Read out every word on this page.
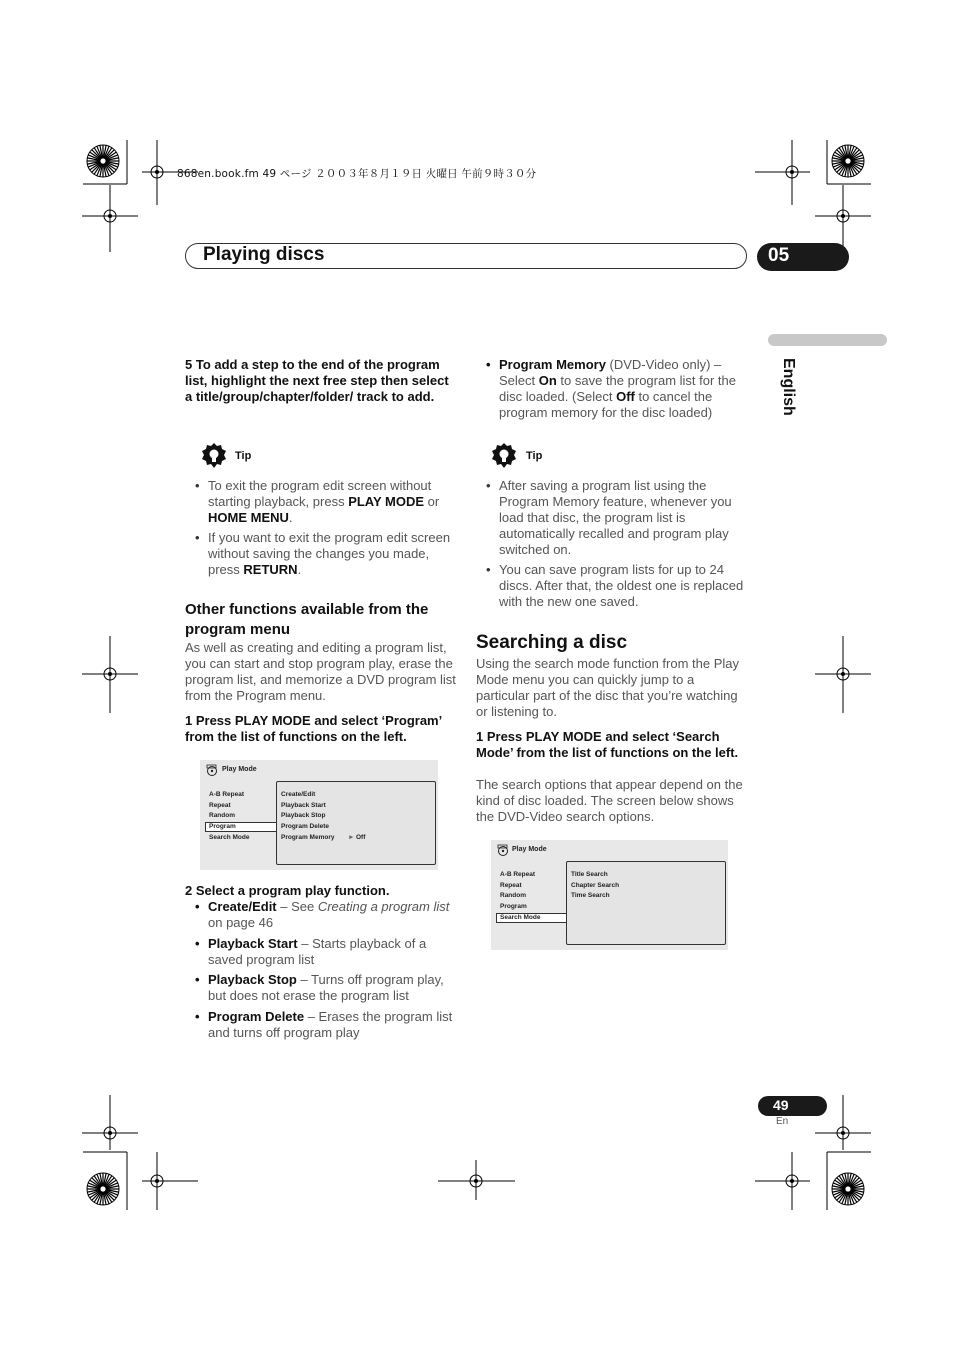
868en.book.fm 49 ページ ２００３年８月１９日 火曜日 午前９時３０分
Playing discs	05
English
5 To add a step to the end of the program list, highlight the next free step then select a title/group/chapter/folder/ track to add.
Tip
• To exit the program edit screen without starting playback, press PLAY MODE or HOME MENU.
• If you want to exit the program edit screen without saving the changes you made, press RETURN.
Other functions available from the program menu
As well as creating and editing a program list, you can start and stop program play, erase the program list, and memorize a DVD program list from the Program menu.
1 Press PLAY MODE and select ‘Program’ from the list of functions on the left.
Play Mode
A-B Repeat
Repeat
Random
Program
Search Mode
Create/Edit
Playback Start
Playback Stop
Program Delete
Program Memory ► Off
2 Select a program play function.
• Create/Edit – See Creating a program list on page 46
• Playback Start – Starts playback of a saved program list
• Playback Stop – Turns off program play, but does not erase the program list
• Program Delete – Erases the program list and turns off program play
• Program Memory (DVD-Video only) – Select On to save the program list for the disc loaded. (Select Off to cancel the program memory for the disc loaded)
Tip
• After saving a program list using the Program Memory feature, whenever you load that disc, the program list is automatically recalled and program play switched on.
• You can save program lists for up to 24 discs. After that, the oldest one is replaced with the new one saved.
Searching a disc
Using the search mode function from the Play Mode menu you can quickly jump to a particular part of the disc that you’re watching or listening to.
1 Press PLAY MODE and select ‘Search Mode’ from the list of functions on the left.
The search options that appear depend on the kind of disc loaded. The screen below shows the DVD-Video search options.
Play Mode
A-B Repeat
Repeat
Random
Program
Search Mode
Title Search
Chapter Search
Time Search
49
En
